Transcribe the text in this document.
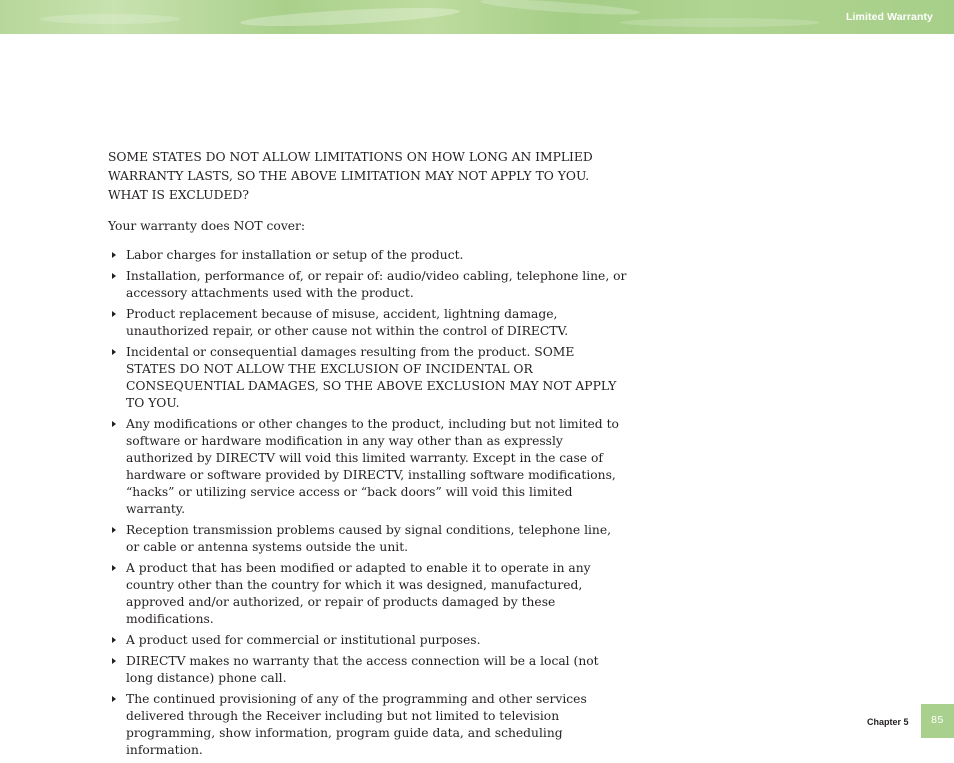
Limited Warranty

SOME STATES DO NOT ALLOW LIMITATIONS ON HOW LONG AN IMPLIED
WARRANTY LASTS, SO THE ABOVE LIMITATION MAY NOT APPLY TO YOU.
WHAT IS EXCLUDED?

Your warranty does NOT cover:

Labor charges for installation or setup of the product.
Installation, performance of, or repair of: audio/video cabling, telephone line, or accessory attachments used with the product.
Product replacement because of misuse, accident, lightning damage, unauthorized repair, or other cause not within the control of DIRECTV.
Incidental or consequential damages resulting from the product. SOME STATES DO NOT ALLOW THE EXCLUSION OF INCIDENTAL OR CONSEQUENTIAL DAMAGES, SO THE ABOVE EXCLUSION MAY NOT APPLY TO YOU.
Any modifications or other changes to the product, including but not limited to software or hardware modification in any way other than as expressly authorized by DIRECTV will void this limited warranty. Except in the case of hardware or software provided by DIRECTV, installing software modifications, “hacks” or utilizing service access or “back doors” will void this limited warranty.
Reception transmission problems caused by signal conditions, telephone line, or cable or antenna systems outside the unit.
A product that has been modified or adapted to enable it to operate in any country other than the country for which it was designed, manufactured, approved and/or authorized, or repair of products damaged by these modifications.
A product used for commercial or institutional purposes.
DIRECTV makes no warranty that the access connection will be a local (not long distance) phone call.
The continued provisioning of any of the programming and other services delivered through the Receiver including but not limited to television programming, show information, program guide data, and scheduling information.
Chapter 5	85
